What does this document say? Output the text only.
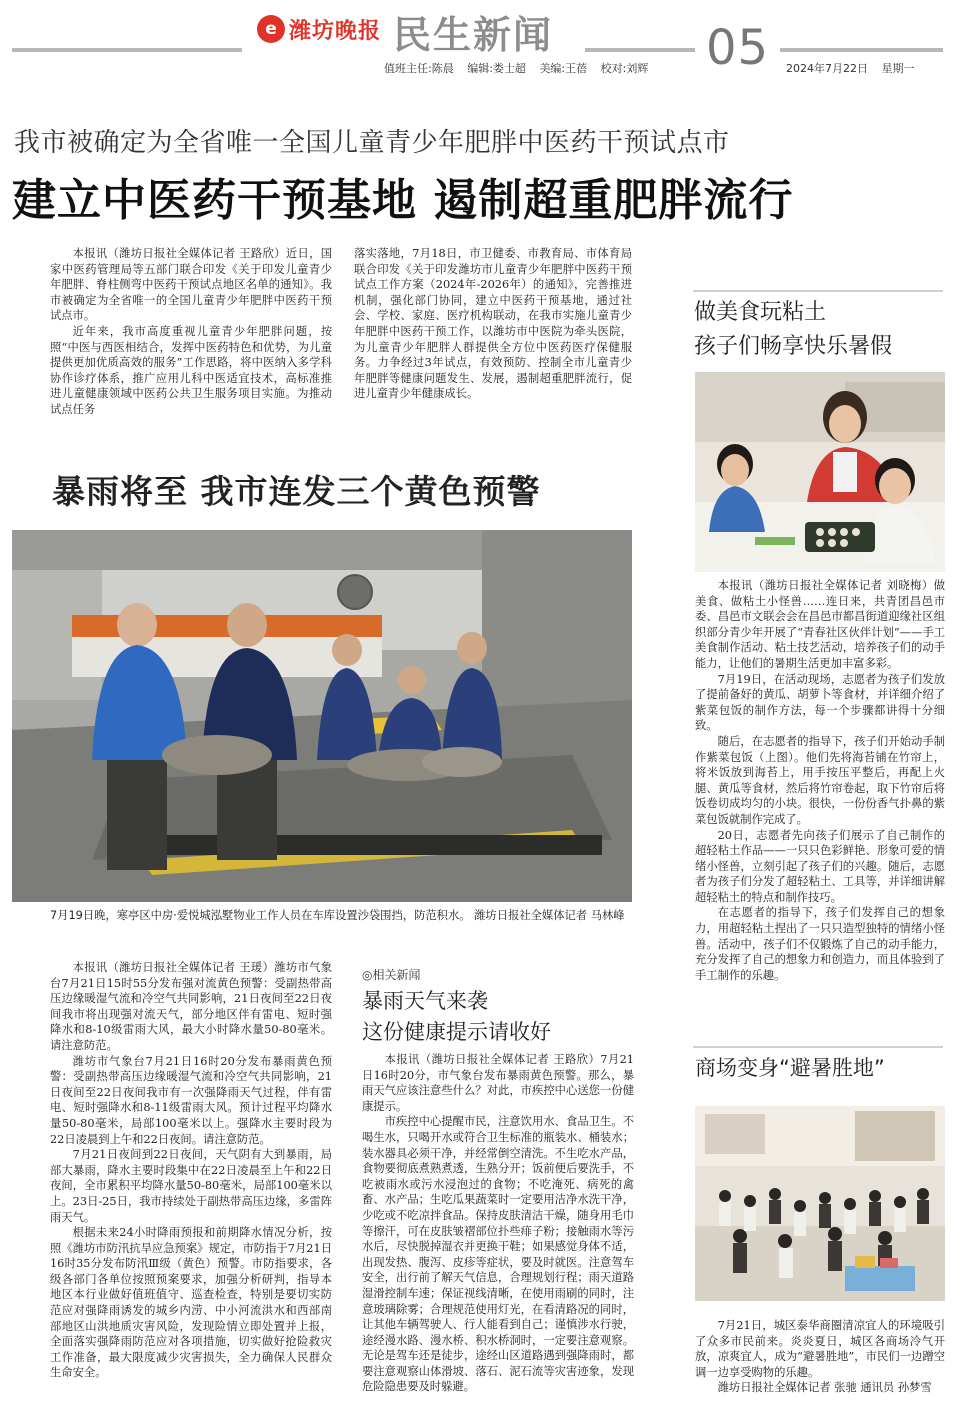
e 潍坊晚报 民生新闻	05
值班主任:陈晨 编辑:娄士超 美编:王蓓 校对:刘辉	2024年7月22日 星期一
我市被确定为全省唯一全国儿童青少年肥胖中医药干预试点市
建立中医药干预基地 遏制超重肥胖流行

本报讯（潍坊日报社全媒体记者 王路欣）近日，国家中医药管理局等五部门联合印发《关于印发儿童青少年肥胖、脊柱侧弯中医药干预试点地区名单的通知》。我市被确定为全省唯一的全国儿童青少年肥胖中医药干预试点市。

近年来，我市高度重视儿童青少年肥胖问题，按照“中医与西医相结合，发挥中医药特色和优势，为儿童提供更加优质高效的服务”工作思路，将中医纳入多学科协作诊疗体系，推广应用儿科中医适宜技术，高标准推进儿童健康领域中医药公共卫生服务项目实施。为推动试点任务

落实落地，7月18日，市卫健委、市教育局、市体育局联合印发《关于印发潍坊市儿童青少年肥胖中医药干预试点工作方案（2024年-2026年）的通知》，完善推进机制，强化部门协同，建立中医药干预基地，通过社会、学校、家庭、医疗机构联动，在我市实施儿童青少年肥胖中医药干预工作，以潍坊市中医院为牵头医院，为儿童青少年肥胖人群提供全方位中医药医疗保健服务。力争经过3年试点，有效预防、控制全市儿童青少年肥胖等健康问题发生、发展，遏制超重肥胖流行，促进儿童青少年健康成长。

做美食玩粘土
孩子们畅享快乐暑假

本报讯（潍坊日报社全媒体记者 刘晓梅）做美食、做粘土小怪兽……连日来，共青团昌邑市委、昌邑市文联会会在昌邑市都昌街道迎缘社区组织部分青少年开展了“青春社区伙伴计划”——手工美食制作活动、粘土技艺活动，培养孩子们的动手能力，让他们的暑期生活更加丰富多彩。

7月19日，在活动现场，志愿者为孩子们发放了提前备好的黄瓜、胡萝卜等食材，并详细介绍了紫菜包饭的制作方法，每一个步骤都讲得十分细致。

随后，在志愿者的指导下，孩子们开始动手制作紫菜包饭（上图）。他们先将海苔铺在竹帘上，将米饭放到海苔上，用手按压平整后，再配上火腿、黄瓜等食材，然后将竹帘卷起，取下竹帘后将饭卷切成均匀的小块。很快，一份份香气扑鼻的紫菜包饭就制作完成了。

20日，志愿者先向孩子们展示了自己制作的超轻粘土作品——一只只色彩鲜艳、形象可爱的情绪小怪兽，立刻引起了孩子们的兴趣。随后，志愿者为孩子们分发了超轻粘土、工具等，并详细讲解超轻粘土的特点和制作技巧。

在志愿者的指导下，孩子们发挥自己的想象力，用超轻粘土捏出了一只只造型独特的情绪小怪兽。活动中，孩子们不仅锻炼了自己的动手能力，充分发挥了自己的想象力和创造力，而且体验到了手工制作的乐趣。

暴雨将至 我市连发三个黄色预警
7月19日晚，寒亭区中房·爱悦城泓墅物业工作人员在车库设置沙袋围挡，防范积水。 潍坊日报社全媒体记者 马林峰

本报讯（潍坊日报社全媒体记者 王瑗）潍坊市气象台7月21日15时55分发布强对流黄色预警：受副热带高压边缘暖湿气流和冷空气共同影响，21日夜间至22日夜间我市将出现强对流天气，部分地区伴有雷电、短时强降水和8-10级雷雨大风，最大小时降水量50-80毫米。请注意防范。

潍坊市气象台7月21日16时20分发布暴雨黄色预警：受副热带高压边缘暖湿气流和冷空气共同影响，21日夜间至22日夜间我市有一次强降雨天气过程，伴有雷电、短时强降水和8-11级雷雨大风。预计过程平均降水量50-80毫米，局部100毫米以上。强降水主要时段为22日凌晨到上午和22日夜间。请注意防范。

7月21日夜间到22日夜间，天气阴有大到暴雨，局部大暴雨，降水主要时段集中在22日凌晨至上午和22日夜间，全市累积平均降水量50-80毫米，局部100毫米以上。23日-25日，我市持续处于副热带高压边缘，多雷阵雨天气。

根据未来24小时降雨预报和前期降水情况分析，按照《潍坊市防汛抗旱应急预案》规定，市防指于7月21日16时35分发布防汛Ⅲ级（黄色）预警。市防指要求，各级各部门各单位按照预案要求，加强分析研判，指导本地区本行业做好值班值守、巡查检查，特别是要切实防范应对强降雨诱发的城乡内涝、中小河流洪水和西部南部地区山洪地质灾害风险，发现险情立即处置并上报，全面落实强降雨防范应对各项措施，切实做好抢险救灾工作准备，最大限度减少灾害损失，全力确保人民群众生命安全。

◎相关新闻
暴雨天气来袭
这份健康提示请收好

本报讯（潍坊日报社全媒体记者 王路欣）7月21日16时20分，市气象台发布暴雨黄色预警。那么，暴雨天气应该注意些什么？对此，市疾控中心送您一份健康提示。

市疾控中心提醒市民，注意饮用水、食品卫生。不喝生水，只喝开水或符合卫生标准的瓶装水、桶装水；装水器具必须干净，并经常倒空清洗。不生吃水产品，食物要彻底煮熟煮透，生熟分开；饭前便后要洗手，不吃被雨水或污水浸泡过的食物；不吃淹死、病死的禽畜、水产品；生吃瓜果蔬菜时一定要用洁净水洗干净，少吃或不吃凉拌食品。保持皮肤清洁干燥，随身用毛巾等擦汗，可在皮肤皱褶部位扑些痱子粉；接触雨水等污水后，尽快脱掉湿衣并更换干鞋；如果感觉身体不适，出现发热、腹泻、皮疹等症状，要及时就医。注意驾车安全，出行前了解天气信息，合理规划行程；雨天道路湿滑控制车速；保证视线清晰，在使用雨刷的同时，注意玻璃除雾；合理规范使用灯光，在看清路况的同时，让其他车辆驾驶人、行人能看到自己；谨慎涉水行驶，途经漫水路、漫水桥、积水桥洞时，一定要注意观察。无论是驾车还是徒步，途经山区道路遇到强降雨时，都要注意观察山体滑坡、落石、泥石流等灾害迹象，发现危险隐患要及时躲避。

商场变身“避暑胜地”

7月21日，城区泰华商圈清凉宜人的环境吸引了众多市民前来。炎炎夏日，城区各商场冷气开放，凉爽宜人，成为“避暑胜地”，市民们一边蹭空调一边享受购物的乐趣。

潍坊日报社全媒体记者 张驰 通讯员 孙梦雪
